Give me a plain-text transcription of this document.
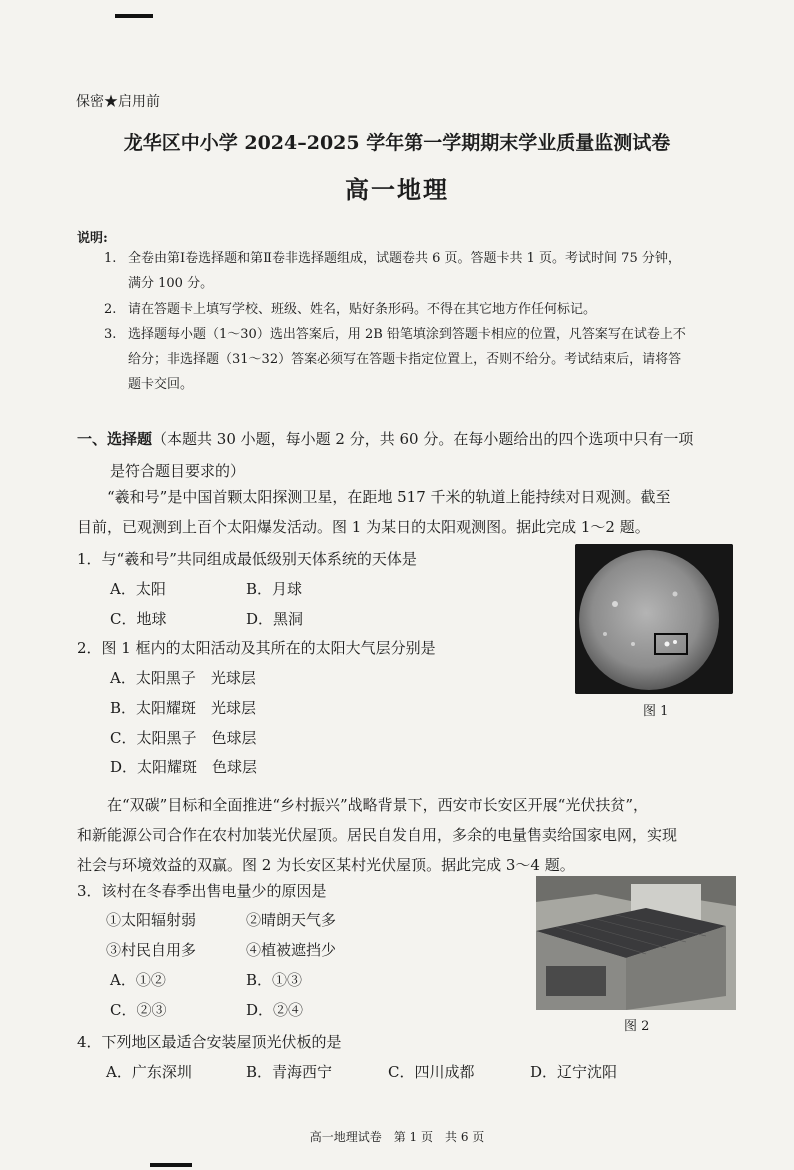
保密★启用前
龙华区中小学 2024–2025 学年第一学期期末学业质量监测试卷
高一地理
说明:
1. 全卷由第Ⅰ卷选择题和第Ⅱ卷非选择题组成，试题卷共 6 页。答题卡共 1 页。考试时间 75 分钟，
满分 100 分。
2. 请在答题卡上填写学校、班级、姓名，贴好条形码。不得在其它地方作任何标记。
3. 选择题每小题（1～30）选出答案后，用 2B 铅笔填涂到答题卡相应的位置，凡答案写在试卷上不
给分；非选择题（31～32）答案必须写在答题卡指定位置上，否则不给分。考试结束后，请将答
题卡交回。
一、选择题（本题共 30 小题，每小题 2 分，共 60 分。在每小题给出的四个选项中只有一项
是符合题目要求的）
“羲和号”是中国首颗太阳探测卫星，在距地 517 千米的轨道上能持续对日观测。截至
目前，已观测到上百个太阳爆发活动。图 1 为某日的太阳观测图。据此完成 1～2 题。
1．与“羲和号”共同组成最低级别天体系统的天体是
A．太阳	B．月球
C．地球	D．黑洞
2．图 1 框内的太阳活动及其所在的太阳大气层分别是
A．太阳黑子　光球层
B．太阳耀斑　光球层
C．太阳黑子　色球层
D．太阳耀斑　色球层
图 1
在“双碳”目标和全面推进“乡村振兴”战略背景下，西安市长安区开展“光伏扶贫”，
和新能源公司合作在农村加装光伏屋顶。居民自发自用，多余的电量售卖给国家电网，实现
社会与环境效益的双赢。图 2 为长安区某村光伏屋顶。据此完成 3～4 题。
3．该村在冬春季出售电量少的原因是
①太阳辐射弱	②晴朗天气多
③村民自用多	④植被遮挡少
A．①②	B．①③
C．②③	D．②④
图 2
4．下列地区最适合安装屋顶光伏板的是
A．广东深圳	B．青海西宁	C．四川成都	D．辽宁沈阳
高一地理试卷　第 1 页　共 6 页
